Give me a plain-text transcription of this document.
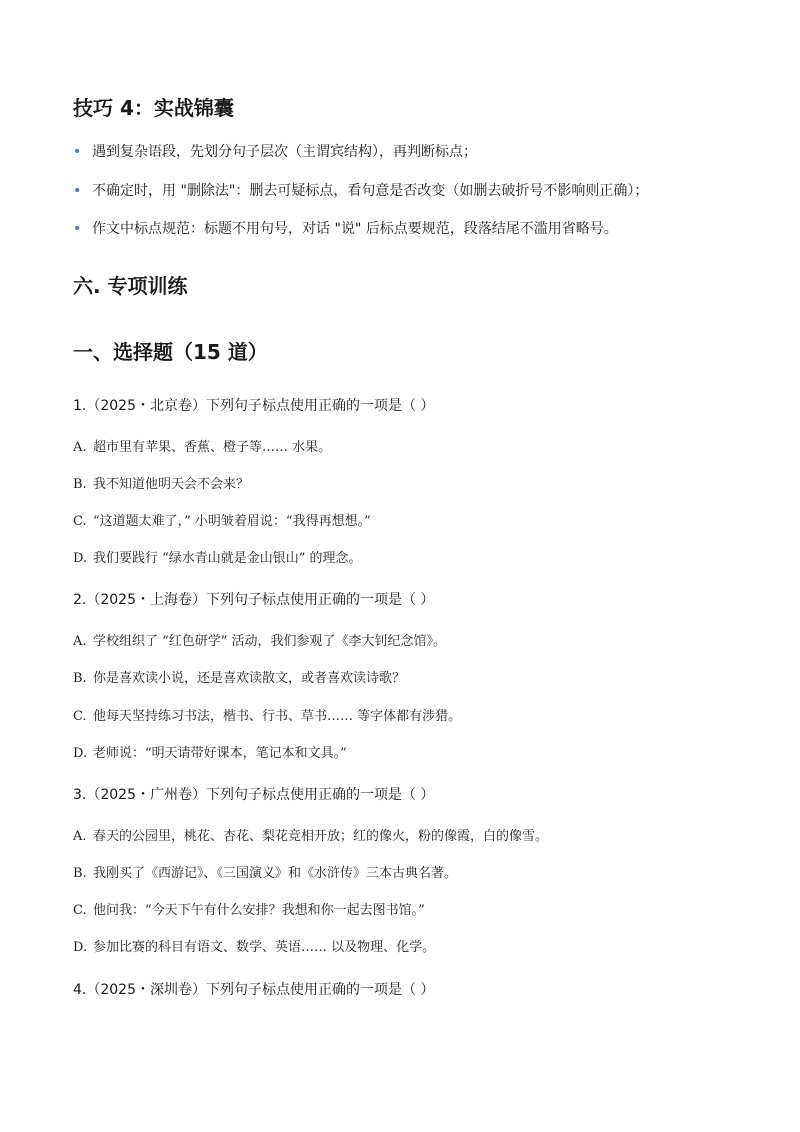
技巧 4：实战锦囊
• 遇到复杂语段，先划分句子层次（主谓宾结构），再判断标点；
• 不确定时，用 "删除法"：删去可疑标点，看句意是否改变（如删去破折号不影响则正确）；
• 作文中标点规范：标题不用句号，对话 "说" 后标点要规范，段落结尾不滥用省略号。
六. 专项训练
一、选择题（15 道）

1.（2025・北京卷）下列句子标点使用正确的一项是（ ）

A. 超市里有苹果、香蕉、橙子等…… 水果。

B. 我不知道他明天会不会来？

C. “这道题太难了，” 小明皱着眉说：“我得再想想。”

D. 我们要践行 “绿水青山就是金山银山” 的理念。

2.（2025・上海卷）下列句子标点使用正确的一项是（ ）

A. 学校组织了 “红色研学” 活动，我们参观了《李大钊纪念馆》。

B. 你是喜欢读小说，还是喜欢读散文，或者喜欢读诗歌？

C. 他每天坚持练习书法，楷书、行书、草书…… 等字体都有涉猎。

D. 老师说：“明天请带好课本，笔记本和文具。”

3.（2025・广州卷）下列句子标点使用正确的一项是（ ）

A. 春天的公园里，桃花、杏花、梨花竞相开放；红的像火，粉的像霞，白的像雪。

B. 我刚买了《西游记》、《三国演义》和《水浒传》三本古典名著。

C. 他问我：“今天下午有什么安排？我想和你一起去图书馆。”

D. 参加比赛的科目有语文、数学、英语…… 以及物理、化学。

4.（2025・深圳卷）下列句子标点使用正确的一项是（ ）
